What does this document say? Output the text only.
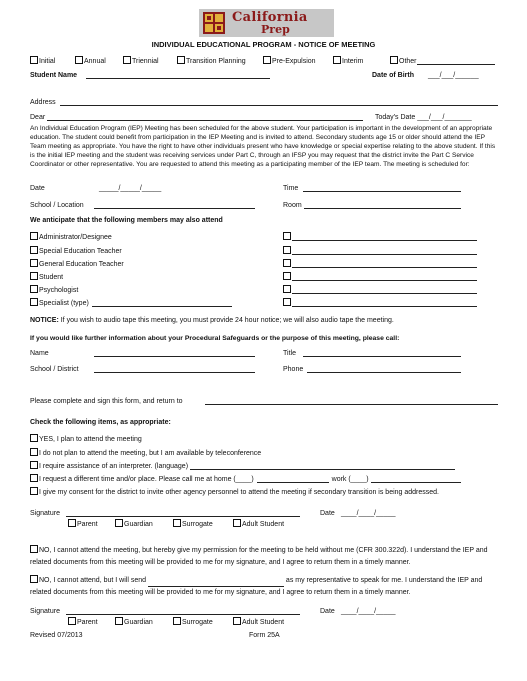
California
Prep
INDIVIDUAL EDUCATIONAL PROGRAM - NOTICE OF MEETING
Initial	Annual	Triennial	Transition Planning	Pre-Expulsion	Interim	Other
Student Name	Date of Birth ___/___/______
Address
Dear	Today's Date ___/___/_______
An Individual Education Program (IEP) Meeting has been scheduled for the above student. Your participation is important in the development of an appropriate education. The student could benefit from participation in the IEP Meeting and is invited to attend. Secondary students age 15 or older should attend the IEP Team meeting as appropriate. You have the right to have other individuals present who have knowledge or special expertise relating to the above student. If this is the initial IEP meeting and the student was receiving services under Part C, through an IFSP you may request that the district invite the Part C Service Coordinator or other representative. You are requested to attend this meeting as a participating member of the IEP team. The meeting is scheduled for:
Date	_____/_____/_____	Time
School / Location	Room
We anticipate that the following members may also attend
Administrator/Designee
Special Education Teacher
General Education Teacher
Student
Psychologist
Specialist (type)
NOTICE: If you wish to audio tape this meeting, you must provide 24 hour notice; we will also audio tape the meeting.
If you would like further information about your Procedural Safeguards or the purpose of this meeting, please call:
Name	Title
School / District	Phone
Please complete and sign this form, and return to
Check the following items, as appropriate:
YES, I plan to attend the meeting
I do not plan to attend the meeting, but I am available by teleconference
I require assistance of an interpreter. (language)
I request a different time and/or place. Please call me at home (____)	work (____)
I give my consent for the district to invite other agency personnel to attend the meeting if secondary transition is being addressed.
Signature	Date ____/____/_____
Parent	Guardian	Surrogate	Adult Student
NO, I cannot attend the meeting, but hereby give my permission for the meeting to be held without me (CFR 300.322d). I understand the IEP and related documents from this meeting will be provided to me for my signature, and I agree to return them in a timely manner.
NO, I cannot attend, but I will send	as my representative to speak for me. I understand the IEP and related documents from this meeting will be provided to me for my signature, and I agree to return them in a timely manner.
Signature	Date ____/____/_____
Parent	Guardian	Surrogate	Adult Student
Revised 07/2013	Form 25A
